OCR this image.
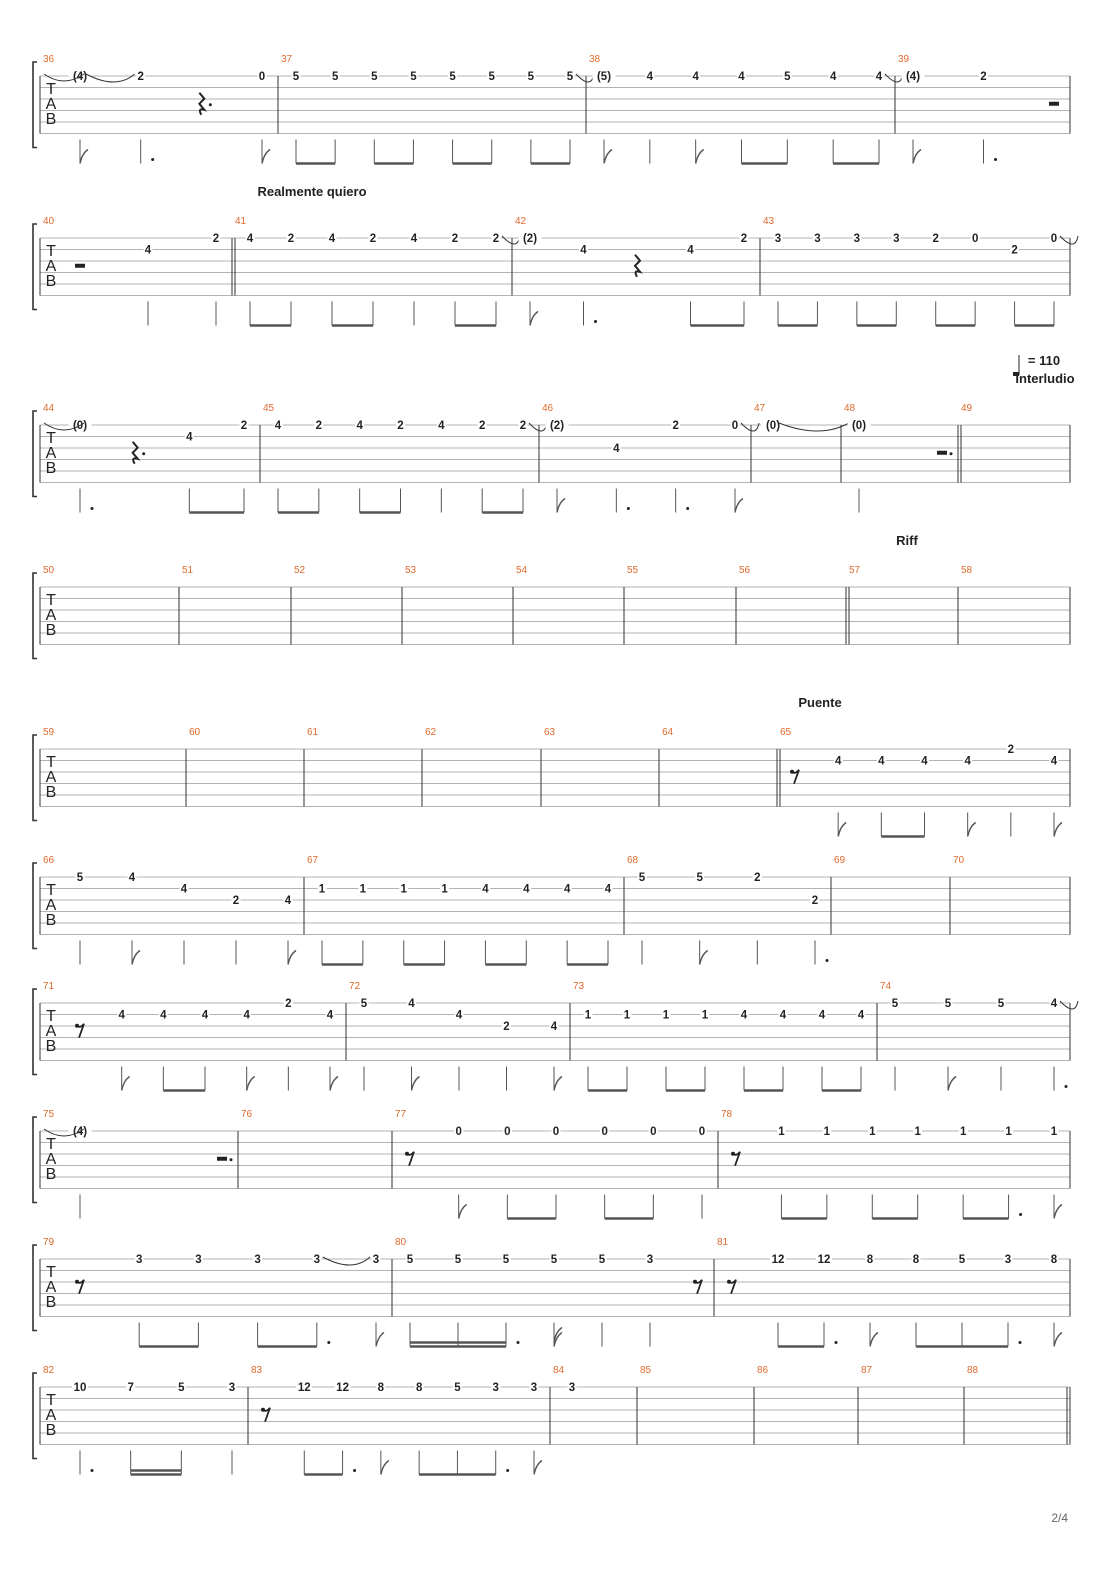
T
A
B
36
(4)	2	0
37
5	5	5	5	5	5	5	5
38
(5)	4	4	4	5	4	4
39
(4)	2
T
A
B
Realmente quiero
40
4
2
41
4	2	4	2	4	2	2
42
(2)
4	4
2
43
3	3	3	3	2	0
2
0
T
A
B
= 110
Interludio
44
(0)
4
2
45
4	2	4	2	4	2	2
46
(2)
4
2	0
47
(0)
48
(0)
49
T
A
B
50	51	52	53	54	55	56	57
Riff
58
T
A
B
59	60	61	62	63	64	65
Puente
4	4	4	4
2
4
T
A
B
66
5	4
4
2	4
67
1	1	1	1	4	4	4	4
68
5	5	2
2
69	70
T
A
B
71
4	4	4	4
2
4
72
5	4
4
2	4
73
1	1	1	1	4	4	4	4
74
5	5	5	4
T
A
B
75
(4)
76	77
0	0	0	0	0	0
78
1	1	1	1	1	1	1
T
A
B
79
3	3	3	3	3
80
5	5	5	5	5	3
81
12	12	8	8	5	3	8
T
A
B
82
10	7	5	3
83
12 12 8	8	5	3	3
84
3
85	86	87	88
2/4
